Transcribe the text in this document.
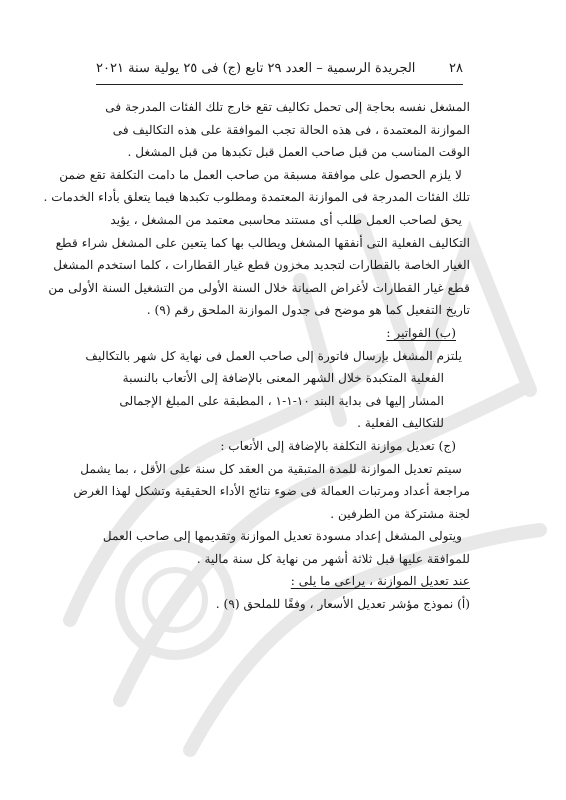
٢٨
الجريدة الرسمية – العدد ٢٩ تابع (ج) فى ٢٥ يولية سنة ٢٠٢١
المشغل نفسه بحاجة إلى تحمل تكاليف تقع خارج تلك الفئات المدرجة فى
الموازنة المعتمدة ، فى هذه الحالة تجب الموافقة على هذه التكاليف فى
الوقت المناسب من قبل صاحب العمل قبل تكبدها من قبل المشغل .
لا يلزم الحصول على موافقة مسبقة من صاحب العمل ما دامت التكلفة تقع ضمن
تلك الفئات المدرجة فى الموازنة المعتمدة ومطلوب تكبدها فيما يتعلق بأداء الخدمات .
يحق لصاحب العمل طلب أى مستند محاسبى معتمد من المشغل ، يؤيد
التكاليف الفعلية التى أنفقها المشغل ويطالب بها كما يتعين على المشغل شراء قطع
الغيار الخاصة بالقطارات لتجديد مخزون قطع غيار القطارات ، كلما استخدم المشغل
قطع غيار القطارات لأغراض الصيانة خلال السنة الأولى من التشغيل السنة الأولى من
تاريخ التفعيل كما هو موضح فى جدول الموازنة الملحق رقم (٩) .
(ب) الفواتير :
يلتزم المشغل بإرسال فاتورة إلى صاحب العمل فى نهاية كل شهر بالتكاليف
الفعلية المتكبدة خلال الشهر المعنى بالإضافة إلى الأتعاب بالنسبة
المشار إليها فى بداية البند ١٠-١-١ ، المطبقة على المبلغ الإجمالى
للتكاليف الفعلية .
(ج) تعديل موازنة التكلفة بالإضافة إلى الأتعاب :
سيتم تعديل الموازنة للمدة المتبقية من العقد كل سنة على الأقل ، بما يشمل
مراجعة أعداد ومرتبات العمالة فى ضوء نتائج الأداء الحقيقية وتشكل لهذا الغرض
لجنة مشتركة من الطرفين .
ويتولى المشغل إعداد مسودة تعديل الموازنة وتقديمها إلى صاحب العمل
للموافقة عليها قبل ثلاثة أشهر من نهاية كل سنة مالية .
عند تعديل الموازنة ، يراعى ما يلى :
(أ) نموذج مؤشر تعديل الأسعار ، وفقًا للملحق (٩) .
